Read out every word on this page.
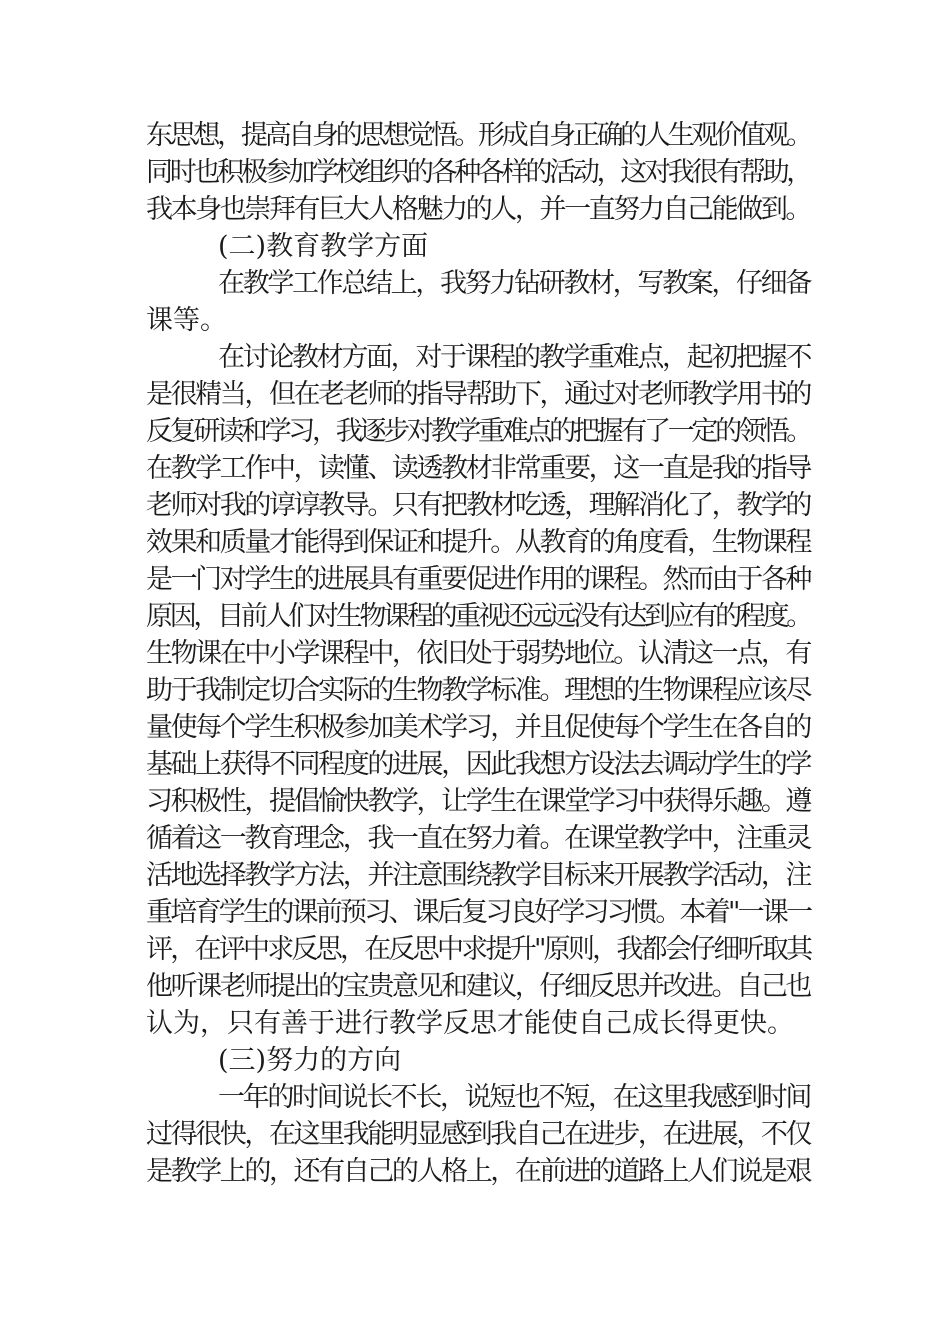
东思想，提高自身的思想觉悟。形成自身正确的人生观价值观。
同时也积极参加学校组织的各种各样的活动，这对我很有帮助，
我本身也崇拜有巨大人格魅力的人，并一直努力自己能做到。
(二)教育教学方面
在教学工作总结上，我努力钻研教材，写教案，仔细备
课等。
在讨论教材方面，对于课程的教学重难点，起初把握不
是很精当，但在老老师的指导帮助下，通过对老师教学用书的
反复研读和学习，我逐步对教学重难点的把握有了一定的领悟。
在教学工作中，读懂、读透教材非常重要，这一直是我的指导
老师对我的谆谆教导。只有把教材吃透，理解消化了，教学的
效果和质量才能得到保证和提升。从教育的角度看，生物课程
是一门对学生的进展具有重要促进作用的课程。然而由于各种
原因，目前人们对生物课程的重视还远远没有达到应有的程度。
生物课在中小学课程中，依旧处于弱势地位。认清这一点，有
助于我制定切合实际的生物教学标准。理想的生物课程应该尽
量使每个学生积极参加美术学习，并且促使每个学生在各自的
基础上获得不同程度的进展，因此我想方设法去调动学生的学
习积极性，提倡愉快教学，让学生在课堂学习中获得乐趣。遵
循着这一教育理念，我一直在努力着。在课堂教学中，注重灵
活地选择教学方法，并注意围绕教学目标来开展教学活动，注
重培育学生的课前预习、课后复习良好学习习惯。本着"一课一
评，在评中求反思，在反思中求提升"原则，我都会仔细听取其
他听课老师提出的宝贵意见和建议，仔细反思并改进。自己也
认为，只有善于进行教学反思才能使自己成长得更快。
(三)努力的方向
一年的时间说长不长，说短也不短，在这里我感到时间
过得很快，在这里我能明显感到我自己在进步，在进展，不仅
是教学上的，还有自己的人格上，在前进的道路上人们说是艰
